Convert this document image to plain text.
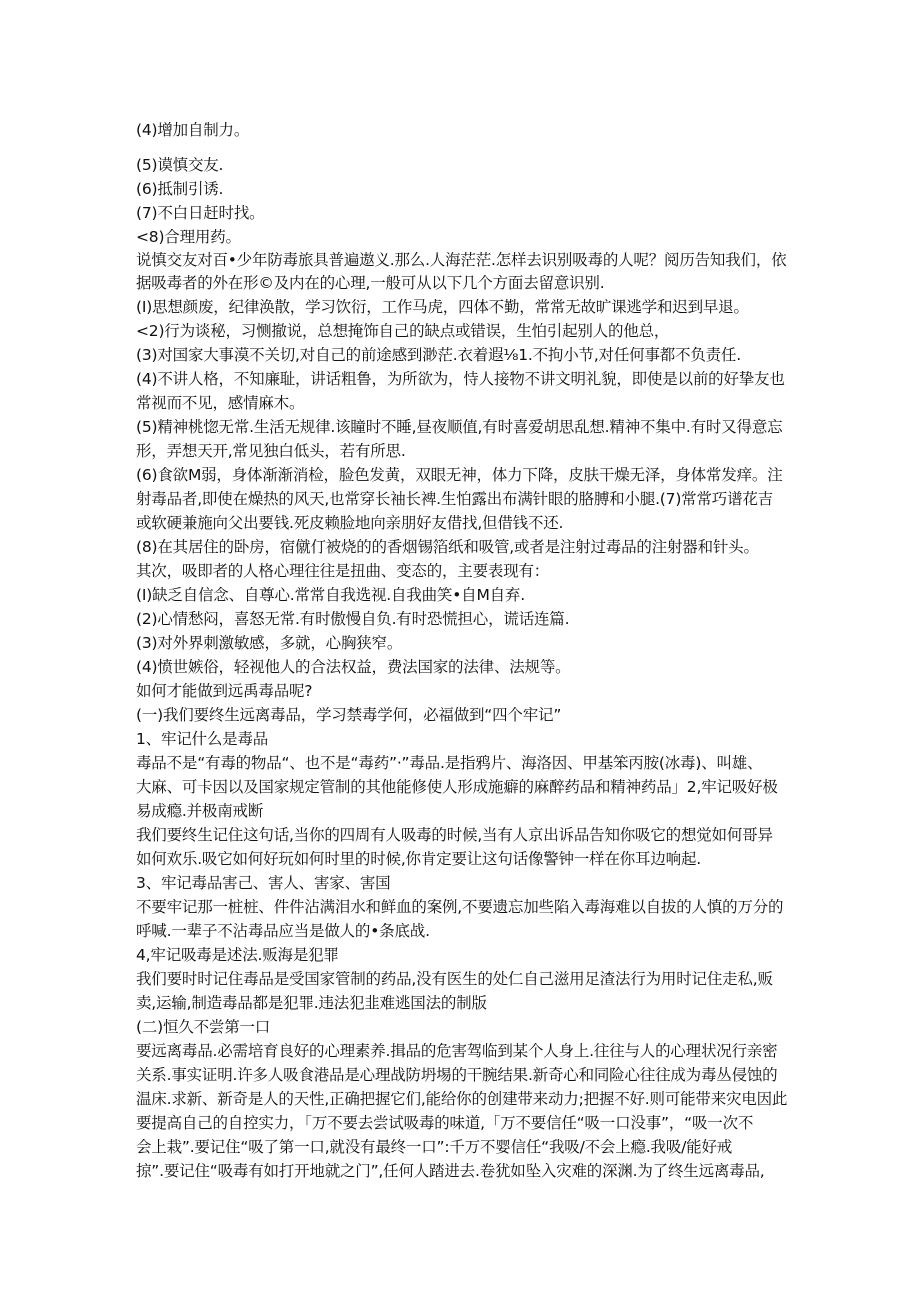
(4)增加自制力。
(5)谟慎交友.
(6)抵制引诱.
(7)不白日赶时找。
<8)合理用药。
说慎交友对百•少年防毒旅具普遍遨义.那么.人海茫茫.怎样去识别吸毒的人呢？阅历告知我们，依
据吸毒者的外在形©及内在的心理,一般可从以下几个方面去留意识别.
(I)思想颜废，纪律涣散，学习饮衍，工作马虎，四体不勤，常常无故旷课逃学和迟到早退。
<2)行为谈秘，习恻撤说，总想掩饰自己的缺点或错误，生怕引起别人的他总，
(3)对国家大事漠不关切,对自己的前途感到渺茫.衣着遐⅛1.不拘小节,对任何事都不负责任.
(4)不讲人格，不知廉耻，讲话粗鲁，为所欲为，恃人接物不讲文明礼貌，即使是以前的好挚友也
常视而不见，感情麻木。
(5)精神桃惚无常.生活无规律.该瞳时不睡,昼夜顺值,有时喜爱胡思乱想.精神不集中.有时又得意忘
形，弄想天开,常见独白低头，若有所思.
(6)食欲M弱，身体渐渐消检，脸色发黄，双眼无神，体力下降，皮肤干燥无泽，身体常发痒。注
射毒品者,即使在燥热的风天,也常穿长袖长裨.生怕露出布满针眼的胳膊和小腿.(7)常常巧谱花吉
或软硬兼施向父出要钱.死皮赖脸地向亲朋好友借找,但借钱不还.
(8)在其居住的卧房，宿僦仃被烧的的香烟锡箔纸和吸管,或者是注射过毒品的注射器和针头。
其次，吸即者的人格心理往往是扭曲、变态的，主要表现有：
(I)缺乏自信念、自尊心.常常自我选视.自我曲笑•自M自弃.
(2)心情愁闷，喜怒无常.有时傲慢自负.有时恐慌担心，谎话连篇.
(3)对外界刺激敏感，多就，心胸狭窄。
(4)愤世嫉俗，轻视他人的合法权益，费法国家的法律、法规等。
如何才能做到远禹毒品呢?
(一)我们要终生远离毒品，学习禁毒学何，必福做到“四个牢记”
1、牢记什么是毒品
毒品不是“有毒的物品“、也不是“毒药”·”毒品.是指鸦片、海洛因、甲基笨丙胺(冰毒)、叫雄、
大麻、可卡因以及国家规定管制的其他能修使人形成施癖的麻醉药品和精神药品」2,牢记吸好极
易成瘾.并极南戒断
我们要终生记住这句话,当你的四周有人吸毒的时候,当有人京出诉品告知你吸它的想觉如何哥异
如何欢乐.吸它如何好玩如何时里的时候,你肯定要让这句话像警钟一样在你耳边响起.
3、牢记毒品害己、害人、害家、害国
不要牢记那一桩桩、件件沾满泪水和鲜血的案例,不要遗忘加些陷入毒海难以自拔的人慎的万分的
呼喊.一辈子不沾毒品应当是做人的•条底战.
4,牢记吸毒是述法.贩海是犯罪
我们要时时记住毒品是受国家管制的药品,没有医生的处仁自己滋用足渣法行为用时记住走私,贩
卖,运输,制造毒品都是犯罪.违法犯韭难逃国法的制版
(二)恒久不尝第一口
要远离毒品.必需培育良好的心理素养.揖品的危害驾临到某个人身上.往往与人的心理状况行亲密
关系.事实证明.许多人吸食港品是心理战防坍埸的干腕结果.新奇心和同险心往往成为毒丛侵蚀的
温床.求新、新奇是人的天性,正确把握它们,能给你的创建带来动力;把握不好.则可能带来灾电因此
要提高自己的自控实力，「万不要去尝试吸毒的味道,「万不要信任“吸一口没事”，“吸一次不
会上栽”.要记住“吸了第一口,就没有最终一口”:千万不婴信任“我吸/不会上瘾.我吸/能好戒
掠”.要记住“吸毒有如打开地就之门”,任何人踏进去.卷犹如坠入灾难的深渊.为了终生远离毒品,
